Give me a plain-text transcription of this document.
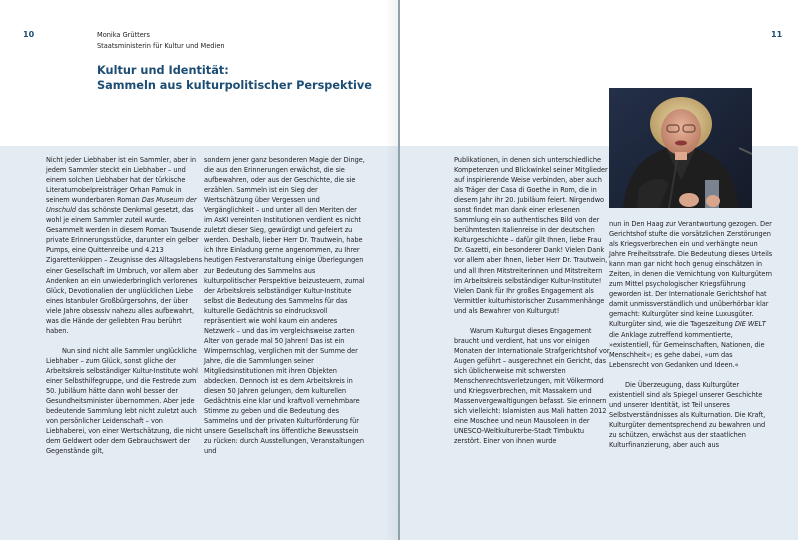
10	11
Monika Grütters
Staatsministerin für Kultur und Medien
Kultur und Identität:
Sammeln aus kulturpolitischer Perspektive

Nicht jeder Liebhaber ist ein Sammler, aber in jedem Sammler steckt ein Liebhaber – und einem solchen Liebhaber hat der türkische Literaturnobelpreisträger Orhan Pamuk in seinem wunderbaren Roman Das Museum der Unschuld das schönste Denkmal gesetzt, das wohl je einem Sammler zuteil wurde. Gesammelt werden in diesem Roman Tausende private Erinnerungsstücke, darunter ein gelber Pumps, eine Quittenreibe und 4.213 Zigarettenkippen – Zeugnisse des Alltagslebens einer Gesellschaft im Umbruch, vor allem aber Andenken an ein unwiederbringlich verlorenes Glück, Devotionalien der unglücklichen Liebe eines Istanbuler Großbürgersohns, der über viele Jahre obsessiv nahezu alles aufbewahrt, was die Hände der geliebten Frau berührt haben.

Nun sind nicht alle Sammler unglückliche Liebhaber – zum Glück, sonst gliche der Arbeitskreis selbständiger Kultur-Institute wohl einer Selbsthilfegruppe, und die Festrede zum 50. Jubiläum hätte dann wohl besser der Gesundheitsminister übernommen. Aber jede bedeutende Sammlung lebt nicht zuletzt auch von persönlicher Leidenschaft – von Liebhaberei, von einer Wertschätzung, die nicht dem Geldwert oder dem Gebrauchswert der Gegenstände gilt,

sondern jener ganz besonderen Magie der Dinge, die aus den Erinnerungen erwächst, die sie aufbewahren, oder aus der Geschichte, die sie erzählen. Sammeln ist ein Sieg der Wertschätzung über Vergessen und Vergänglichkeit – und unter all den Meriten der im AsKI vereinten Institutionen verdient es nicht zuletzt dieser Sieg, gewürdigt und gefeiert zu werden. Deshalb, lieber Herr Dr. Trautwein, habe ich Ihre Einladung gerne angenommen, zu Ihrer heutigen Festveranstaltung einige Überlegungen zur Bedeutung des Sammelns aus kulturpolitischer Perspektive beizusteuern, zumal der Arbeitskreis selbständiger Kultur-Institute selbst die Bedeutung des Sammelns für das kulturelle Gedächtnis so eindrucksvoll repräsentiert wie wohl kaum ein anderes Netzwerk – und das im vergleichsweise zarten Alter von gerade mal 50 Jahren! Das ist ein Wimpernschlag, verglichen mit der Summe der Jahre, die die Sammlungen seiner Mitgliedsinstitutionen mit ihren Objekten abdecken. Dennoch ist es dem Arbeitskreis in diesen 50 Jahren gelungen, dem kulturellen Gedächtnis eine klar und kraftvoll vernehmbare Stimme zu geben und die Bedeutung des Sammelns und der privaten Kulturförderung für unsere Gesellschaft ins öffentliche Bewusstsein zu rücken: durch Ausstellungen, Veranstaltungen und

Publikationen, in denen sich unterschiedliche Kompetenzen und Blickwinkel seiner Mitglieder auf inspirierende Weise verbinden, aber auch als Träger der Casa di Goethe in Rom, die in diesem Jahr ihr 20. Jubiläum feiert. Nirgendwo sonst findet man dank einer erlesenen Sammlung ein so authentisches Bild von der berühmtesten Italienreise in der deutschen Kulturgeschichte – dafür gilt Ihnen, liebe Frau Dr. Gazetti, ein besonderer Dank! Vielen Dank vor allem aber Ihnen, lieber Herr Dr. Trautwein, und all Ihren Mitstreiterinnen und Mitstreitern im Arbeitskreis selbständiger Kultur-Institute! Vielen Dank für Ihr großes Engagement als Vermittler kulturhistorischer Zusammenhänge und als Bewahrer von Kulturgut!

Warum Kulturgut dieses Engagement braucht und verdient, hat uns vor einigen Monaten der Internationale Strafgerichtshof vor Augen geführt – ausgerechnet ein Gericht, das sich üblicherweise mit schwersten Menschenrechtsverletzungen, mit Völkermord und Kriegsverbrechen, mit Massakern und Massenvergewaltigungen befasst. Sie erinnern sich vielleicht: Islamisten aus Mali hatten 2012 eine Moschee und neun Mausoleen in der UNESCO-Weltkulturerbe-Stadt Timbuktu zerstört. Einer von ihnen wurde

nun in Den Haag zur Verantwortung gezogen. Der Gerichtshof stufte die vorsätzlichen Zerstörungen als Kriegsverbrechen ein und verhängte neun Jahre Freiheitsstrafe. Die Bedeutung dieses Urteils kann man gar nicht hoch genug einschätzen in Zeiten, in denen die Vernichtung von Kulturgütern zum Mittel psychologischer Kriegsführung geworden ist. Der Internationale Gerichtshof hat damit unmissverständlich und unüberhörbar klar gemacht: Kulturgüter sind keine Luxusgüter. Kulturgüter sind, wie die Tageszeitung DIE WELT die Anklage zutreffend kommentierte, »existentiell, für Gemeinschaften, Nationen, die Menschheit«; es gehe dabei, »um das Lebensrecht von Gedanken und Ideen.«

Die Überzeugung, dass Kulturgüter existentiell sind als Spiegel unserer Geschichte und unserer Identität, ist Teil unseres Selbstverständnisses als Kulturnation. Die Kraft, Kulturgüter dementsprechend zu bewahren und zu schützen, erwächst aus der staatlichen Kulturfinanzierung, aber auch aus
